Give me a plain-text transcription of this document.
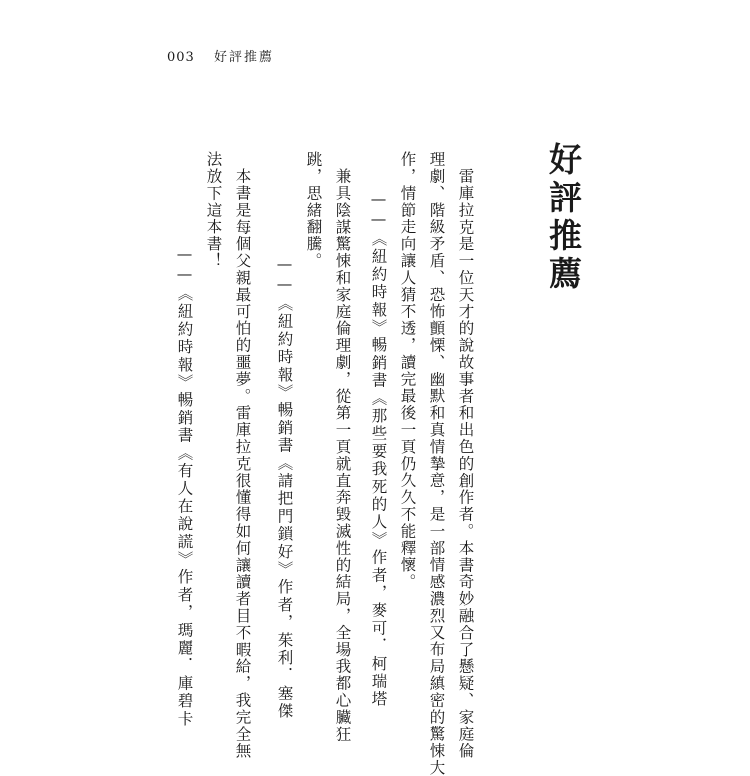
003 好評推薦
好評推薦
雷庫拉克是一位天才的說故事者和出色的創作者。本書奇妙融合了懸疑、家庭倫
理劇、階級矛盾、恐怖顫慄、幽默和真情摯意，是一部情感濃烈又布局縝密的驚悚大
作，情節走向讓人猜不透，讀完最後一頁仍久久不能釋懷。
——《紐約時報》暢銷書《那些要我死的人》作者，麥可．柯瑞塔
兼具陰謀驚悚和家庭倫理劇，從第一頁就直奔毀滅性的結局，全場我都心臟狂
跳，思緒翻騰。
——《紐約時報》暢銷書《請把門鎖好》作者，茱利．塞傑
本書是每個父親最可怕的噩夢。雷庫拉克很懂得如何讓讀者目不暇給，我完全無
法放下這本書！
——《紐約時報》暢銷書《有人在說謊》作者，瑪麗．庫碧卡
